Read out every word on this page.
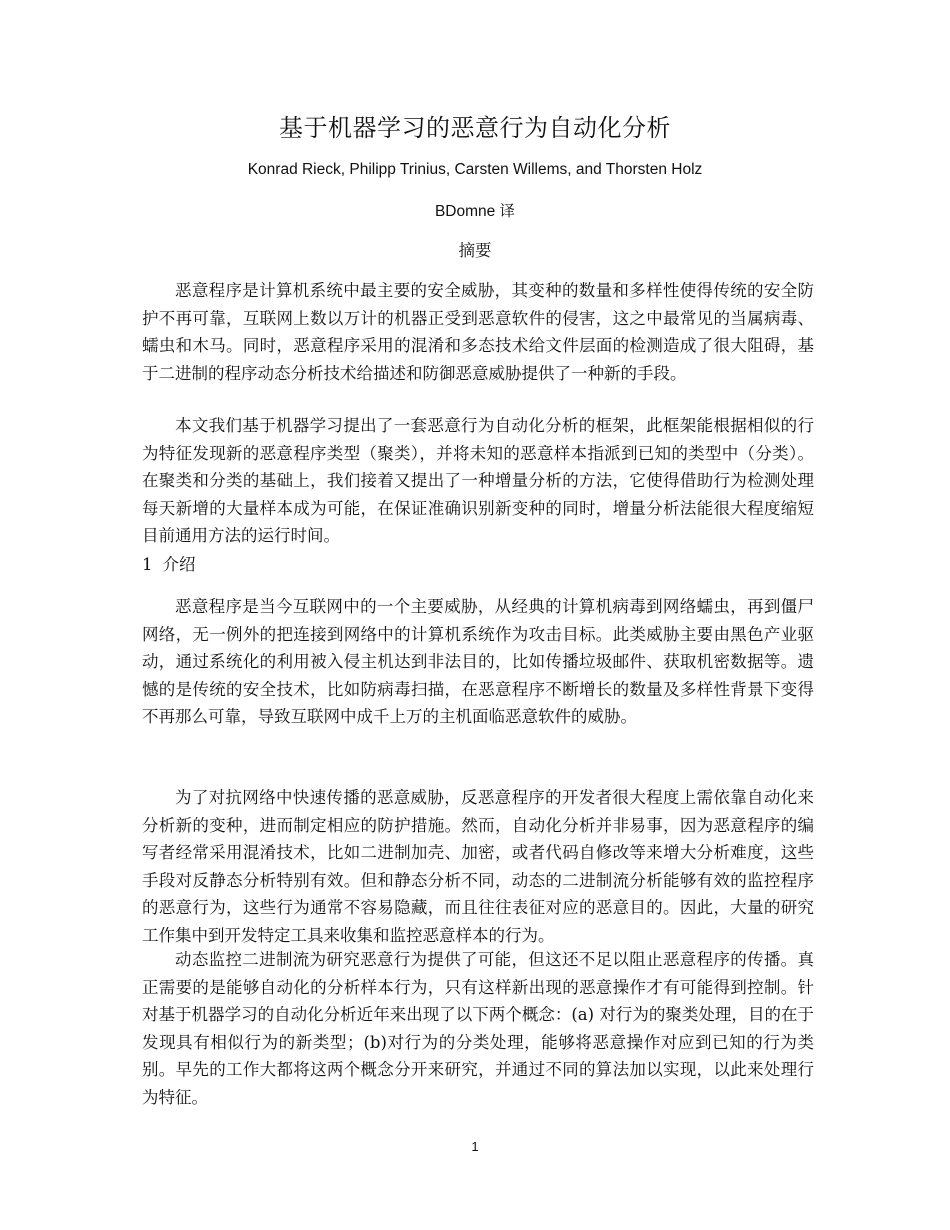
基于机器学习的恶意行为自动化分析
Konrad Rieck, Philipp Trinius, Carsten Willems, and Thorsten Holz
BDomne 译
摘要

恶意程序是计算机系统中最主要的安全威胁，其变种的数量和多样性使得传统的安全防护不再可靠，互联网上数以万计的机器正受到恶意软件的侵害，这之中最常见的当属病毒、蠕虫和木马。同时，恶意程序采用的混淆和多态技术给文件层面的检测造成了很大阻碍，基于二进制的程序动态分析技术给描述和防御恶意威胁提供了一种新的手段。

本文我们基于机器学习提出了一套恶意行为自动化分析的框架，此框架能根据相似的行为特征发现新的恶意程序类型（聚类），并将未知的恶意样本指派到已知的类型中（分类）。在聚类和分类的基础上，我们接着又提出了一种增量分析的方法，它使得借助行为检测处理每天新增的大量样本成为可能，在保证准确识别新变种的同时，增量分析法能很大程度缩短目前通用方法的运行时间。

1 介绍

恶意程序是当今互联网中的一个主要威胁，从经典的计算机病毒到网络蠕虫，再到僵尸网络，无一例外的把连接到网络中的计算机系统作为攻击目标。此类威胁主要由黑色产业驱动，通过系统化的利用被入侵主机达到非法目的，比如传播垃圾邮件、获取机密数据等。遗憾的是传统的安全技术，比如防病毒扫描，在恶意程序不断增长的数量及多样性背景下变得不再那么可靠，导致互联网中成千上万的主机面临恶意软件的威胁。

为了对抗网络中快速传播的恶意威胁，反恶意程序的开发者很大程度上需依靠自动化来分析新的变种，进而制定相应的防护措施。然而，自动化分析并非易事，因为恶意程序的编写者经常采用混淆技术，比如二进制加壳、加密，或者代码自修改等来增大分析难度，这些手段对反静态分析特别有效。但和静态分析不同，动态的二进制流分析能够有效的监控程序的恶意行为，这些行为通常不容易隐藏，而且往往表征对应的恶意目的。因此，大量的研究工作集中到开发特定工具来收集和监控恶意样本的行为。

动态监控二进制流为研究恶意行为提供了可能，但这还不足以阻止恶意程序的传播。真正需要的是能够自动化的分析样本行为，只有这样新出现的恶意操作才有可能得到控制。针对基于机器学习的自动化分析近年来出现了以下两个概念：(a) 对行为的聚类处理，目的在于发现具有相似行为的新类型；(b)对行为的分类处理，能够将恶意操作对应到已知的行为类别。早先的工作大都将这两个概念分开来研究，并通过不同的算法加以实现，以此来处理行为特征。

1
